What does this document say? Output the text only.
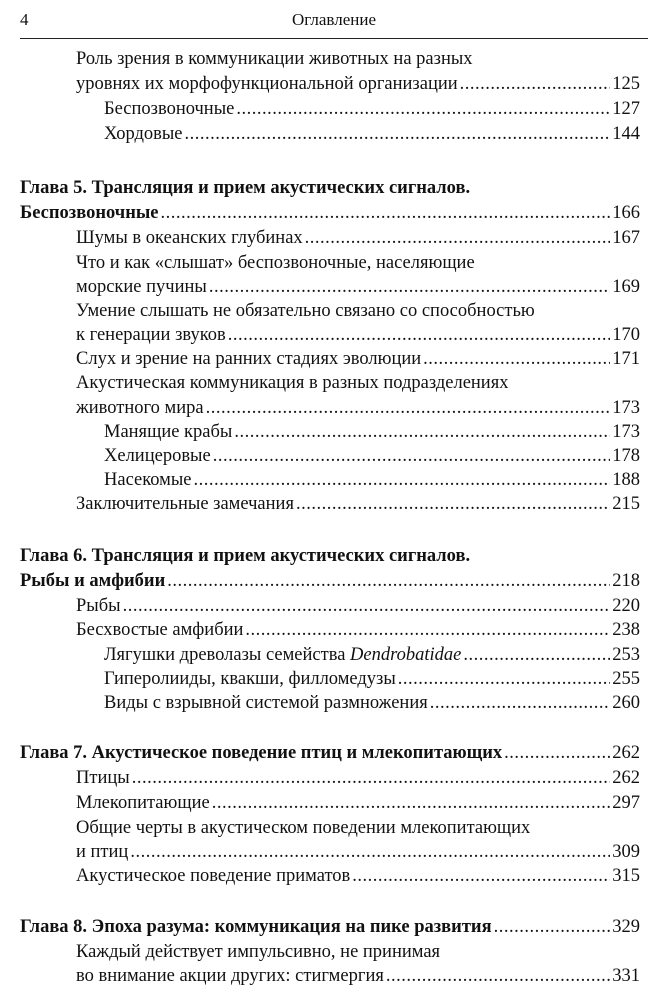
4	Оглавление
Роль зрения в коммуникации животных на разных
уровнях их морфофункциональной организации .....	125
Беспозвоночные .....	127
Хордовые .....	144
Глава 5. Трансляция и прием акустических сигналов.
Беспозвоночные .....	166
Шумы в океанских глубинах .....	167
Что и как «слышат» беспозвоночные, населяющие
морские пучины .....	169
Умение слышать не обязательно связано со способностью
к генерации звуков .....	170
Слух и зрение на ранних стадиях эволюции .....	171
Акустическая коммуникация в разных подразделениях
животного мира .....	173
Манящие крабы .....	173
Хелицеровые .....	178
Насекомые .....	188
Заключительные замечания .....	215
Глава 6. Трансляция и прием акустических сигналов.
Рыбы и амфибии .....	218
Рыбы .....	220
Бесхвостые амфибии .....	238
Лягушки древолазы семейства Dendrobatidae .....	253
Гиперолииды, квакши, филломедузы .....	255
Виды с взрывной системой размножения .....	260
Глава 7. Акустическое поведение птиц и млекопитающих .....	262
Птицы .....	262
Млекопитающие .....	297
Общие черты в акустическом поведении млекопитающих
и птиц .....	309
Акустическое поведение приматов .....	315
Глава 8. Эпоха разума: коммуникация на пике развития .....	329
Каждый действует импульсивно, не принимая
во внимание акции других: стигмергия .....	331
